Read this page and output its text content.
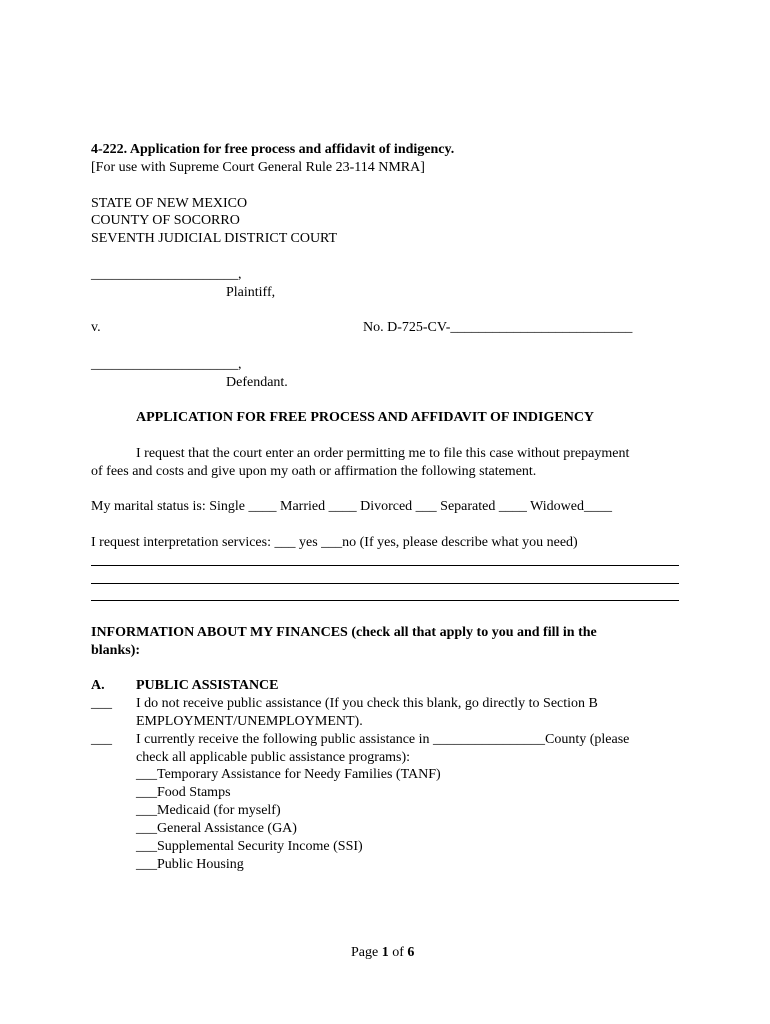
4-222. Application for free process and affidavit of indigency.
[For use with Supreme Court General Rule 23-114 NMRA]
STATE OF NEW MEXICO
COUNTY OF SOCORRO
SEVENTH JUDICIAL DISTRICT COURT
_____________________,
Plaintiff,
v.	No. D-725-CV-__________________________
_____________________,
Defendant.
APPLICATION FOR FREE PROCESS AND AFFIDAVIT OF INDIGENCY
I request that the court enter an order permitting me to file this case without prepayment
of fees and costs and give upon my oath or affirmation the following statement.
My marital status is: Single ____ Married ____ Divorced ___ Separated ____ Widowed____
I request interpretation services: ___ yes ___no (If yes, please describe what you need)
INFORMATION ABOUT MY FINANCES (check all that apply to you and fill in the
blanks):
A. PUBLIC ASSISTANCE
___ I do not receive public assistance (If you check this blank, go directly to Section B
EMPLOYMENT/UNEMPLOYMENT).
___ I currently receive the following public assistance in ________________County (please
check all applicable public assistance programs):
___Temporary Assistance for Needy Families (TANF)
___Food Stamps
___Medicaid (for myself)
___General Assistance (GA)
___Supplemental Security Income (SSI)
___Public Housing
Page 1 of 6
